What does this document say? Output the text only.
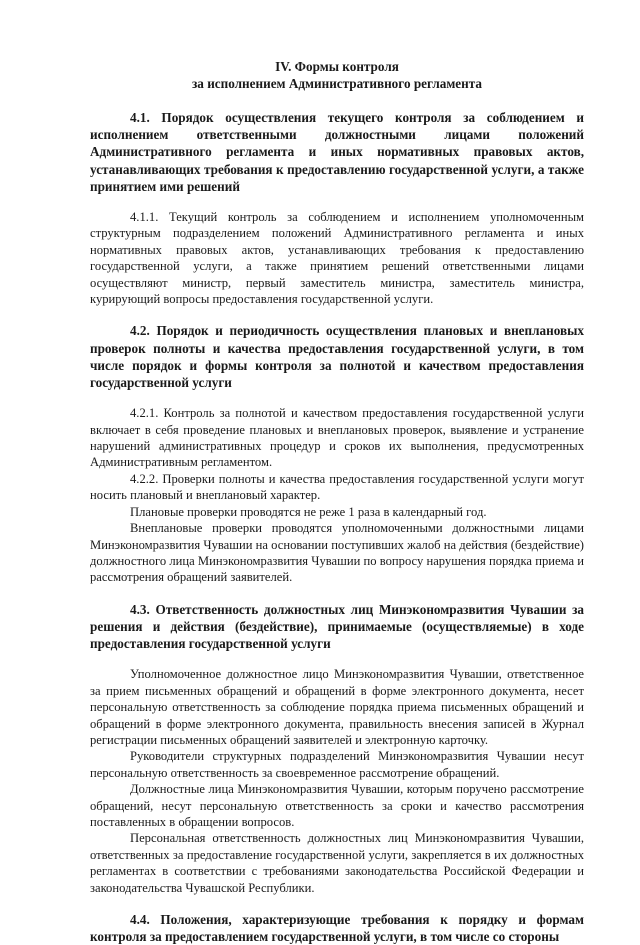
IV. Формы контроля
за исполнением Административного регламента
4.1. Порядок осуществления текущего контроля за соблюдением и исполнением ответственными должностными лицами положений Административного регламента и иных нормативных правовых актов, устанавливающих требования к предоставлению государственной услуги, а также принятием ими решений

4.1.1. Текущий контроль за соблюдением и исполнением уполномоченным структурным подразделением положений Административного регламента и иных нормативных правовых актов, устанавливающих требования к предоставлению государственной услуги, а также принятием решений ответственными лицами осуществляют министр, первый заместитель министра, заместитель министра, курирующий вопросы предоставления государственной услуги.

4.2. Порядок и периодичность осуществления плановых и внеплановых проверок полноты и качества предоставления государственной услуги, в том числе порядок и формы контроля за полнотой и качеством предоставления государственной услуги

4.2.1. Контроль за полнотой и качеством предоставления государственной услуги включает в себя проведение плановых и внеплановых проверок, выявление и устранение нарушений административных процедур и сроков их выполнения, предусмотренных Административным регламентом.

4.2.2. Проверки полноты и качества предоставления государственной услуги могут носить плановый и внеплановый характер.

Плановые проверки проводятся не реже 1 раза в календарный год.

Внеплановые проверки проводятся уполномоченными должностными лицами Минэкономразвития Чувашии на основании поступивших жалоб на действия (бездействие) должностного лица Минэкономразвития Чувашии по вопросу нарушения порядка приема и рассмотрения обращений заявителей.

4.3. Ответственность должностных лиц Минэкономразвития Чувашии за решения и действия (бездействие), принимаемые (осуществляемые) в ходе предоставления государственной услуги

Уполномоченное должностное лицо Минэкономразвития Чувашии, ответственное за прием письменных обращений и обращений в форме электронного документа, несет персональную ответственность за соблюдение порядка приема письменных обращений и обращений в форме электронного документа, правильность внесения записей в Журнал регистрации письменных обращений заявителей и электронную карточку.

Руководители структурных подразделений Минэкономразвития Чувашии несут персональную ответственность за своевременное рассмотрение обращений.

Должностные лица Минэкономразвития Чувашии, которым поручено рассмотрение обращений, несут персональную ответственность за сроки и качество рассмотрения поставленных в обращении вопросов.

Персональная ответственность должностных лиц Минэкономразвития Чувашии, ответственных за предоставление государственной услуги, закрепляется в их должностных регламентах в соответствии с требованиями законодательства Российской Федерации и законодательства Чувашской Республики.

4.4. Положения, характеризующие требования к порядку и формам контроля за предоставлением государственной услуги, в том числе со стороны
